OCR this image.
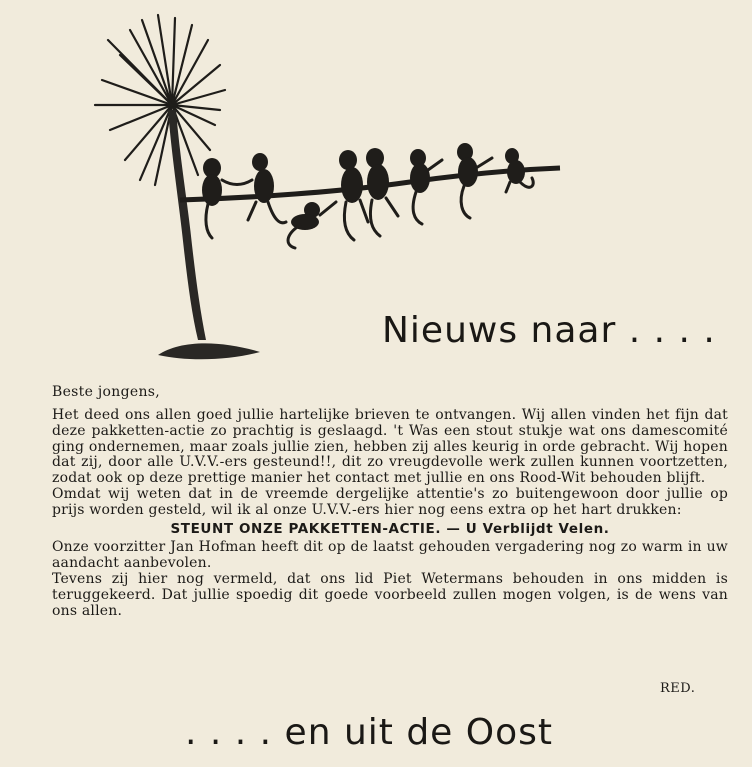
Nieuws naar . . . .
Beste jongens,

Het deed ons allen goed jullie hartelijke brieven te ontvangen. Wij allen vinden het fijn dat deze pakketten-actie zo prachtig is geslaagd. 't Was een stout stukje wat ons damescomité ging ondernemen, maar zoals jullie zien, hebben zij alles keurig in orde gebracht. Wij hopen dat zij, door alle U.V.V.-ers gesteund!!, dit zo vreugdevolle werk zullen kunnen voortzetten, zodat ook op deze prettige manier het contact met jullie en ons Rood-Wit behouden blijft.

Omdat wij weten dat in de vreemde dergelijke attentie's zo buitengewoon door jullie op prijs worden gesteld, wil ik al onze U.V.V.-ers hier nog eens extra op het hart drukken:

STEUNT ONZE PAKKETTEN-ACTIE. — U Verblijdt Velen.

Onze voorzitter Jan Hofman heeft dit op de laatst gehouden vergadering nog zo warm in uw aandacht aanbevolen.

Tevens zij hier nog vermeld, dat ons lid Piet Wetermans behouden in ons midden is teruggekeerd. Dat jullie spoedig dit goede voorbeeld zullen mogen volgen, is de wens van ons allen.

RED.
. . . . en uit de Oost
